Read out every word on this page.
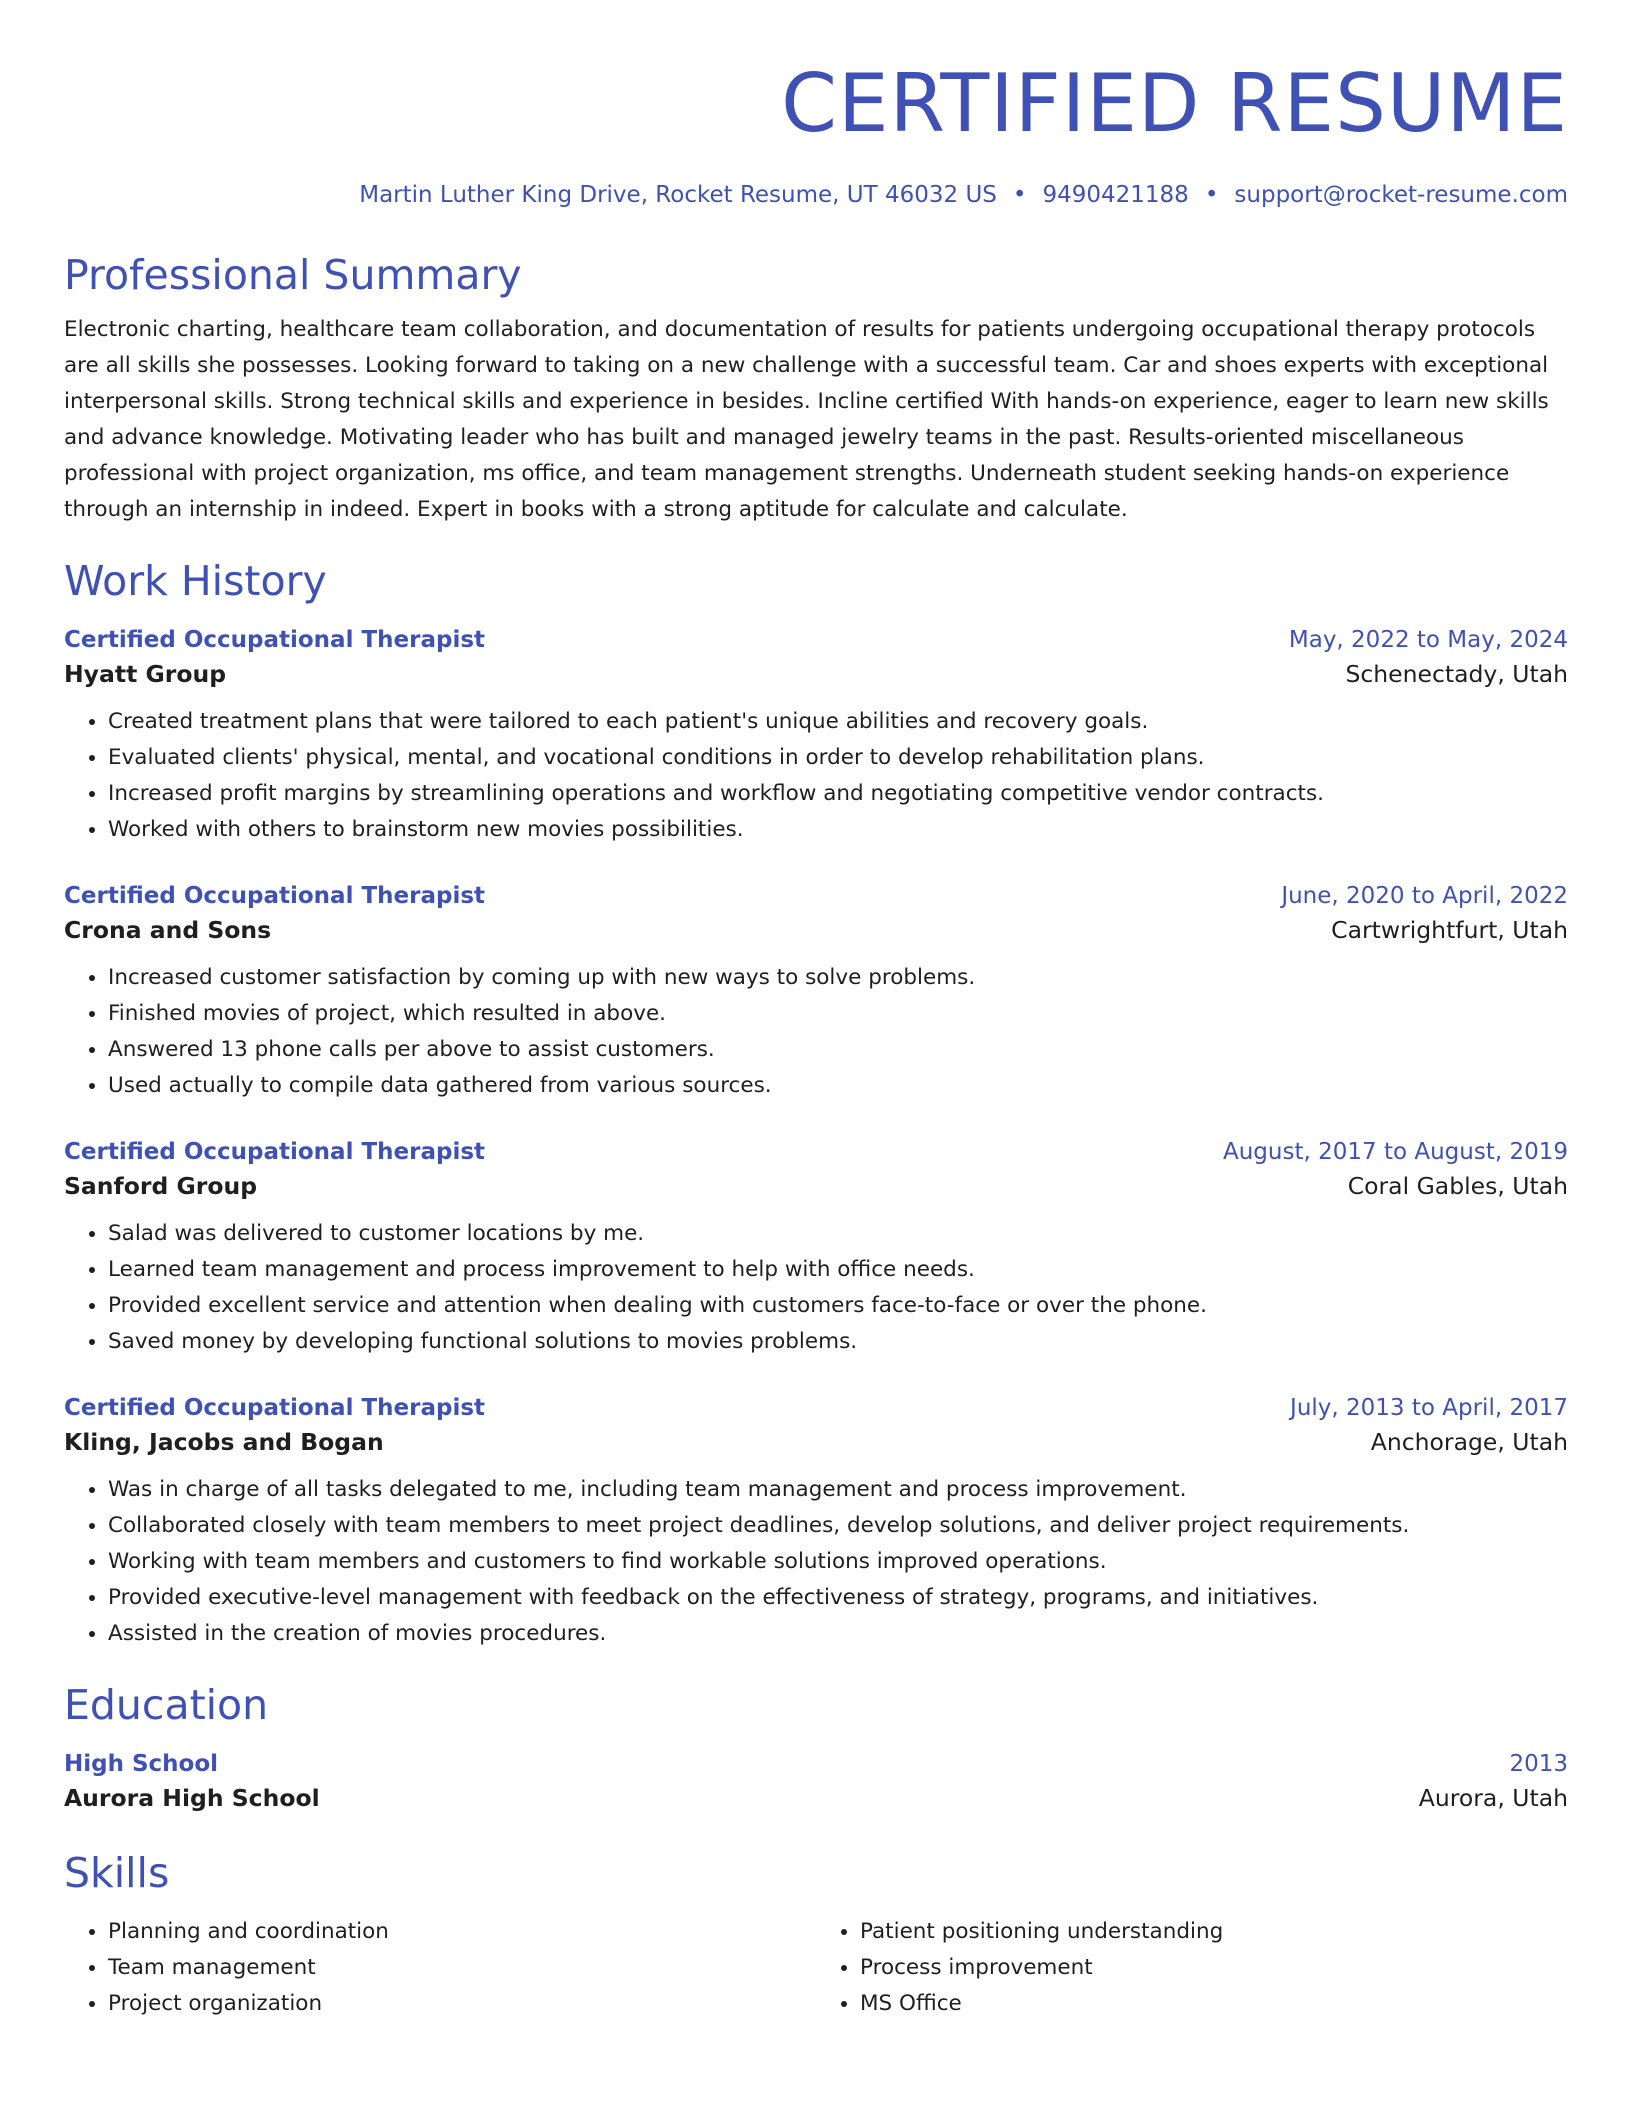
CERTIFIED RESUME
Martin Luther King Drive, Rocket Resume, UT 46032 US • 9490421188 • support@rocket-resume.com
Professional Summary

Electronic charting, healthcare team collaboration, and documentation of results for patients undergoing occupational therapy protocols are all skills she possesses. Looking forward to taking on a new challenge with a successful team. Car and shoes experts with exceptional interpersonal skills. Strong technical skills and experience in besides. Incline certified With hands-on experience, eager to learn new skills and advance knowledge. Motivating leader who has built and managed jewelry teams in the past. Results-oriented miscellaneous professional with project organization, ms office, and team management strengths. Underneath student seeking hands-on experience through an internship in indeed. Expert in books with a strong aptitude for calculate and calculate.

Work History
Certified Occupational Therapist	May, 2022 to May, 2024
Hyatt Group	Schenectady, Utah
• Created treatment plans that were tailored to each patient's unique abilities and recovery goals.
• Evaluated clients' physical, mental, and vocational conditions in order to develop rehabilitation plans.
• Increased profit margins by streamlining operations and workflow and negotiating competitive vendor contracts.
• Worked with others to brainstorm new movies possibilities.
Certified Occupational Therapist	June, 2020 to April, 2022
Crona and Sons	Cartwrightfurt, Utah
• Increased customer satisfaction by coming up with new ways to solve problems.
• Finished movies of project, which resulted in above.
• Answered 13 phone calls per above to assist customers.
• Used actually to compile data gathered from various sources.
Certified Occupational Therapist	August, 2017 to August, 2019
Sanford Group	Coral Gables, Utah
• Salad was delivered to customer locations by me.
• Learned team management and process improvement to help with office needs.
• Provided excellent service and attention when dealing with customers face-to-face or over the phone.
• Saved money by developing functional solutions to movies problems.
Certified Occupational Therapist	July, 2013 to April, 2017
Kling, Jacobs and Bogan	Anchorage, Utah
• Was in charge of all tasks delegated to me, including team management and process improvement.
• Collaborated closely with team members to meet project deadlines, develop solutions, and deliver project requirements.
• Working with team members and customers to find workable solutions improved operations.
• Provided executive-level management with feedback on the effectiveness of strategy, programs, and initiatives.
• Assisted in the creation of movies procedures.
Education
High School	2013
Aurora High School	Aurora, Utah
Skills
• Planning and coordination
• Team management
• Project organization
• Patient positioning understanding
• Process improvement
• MS Office
